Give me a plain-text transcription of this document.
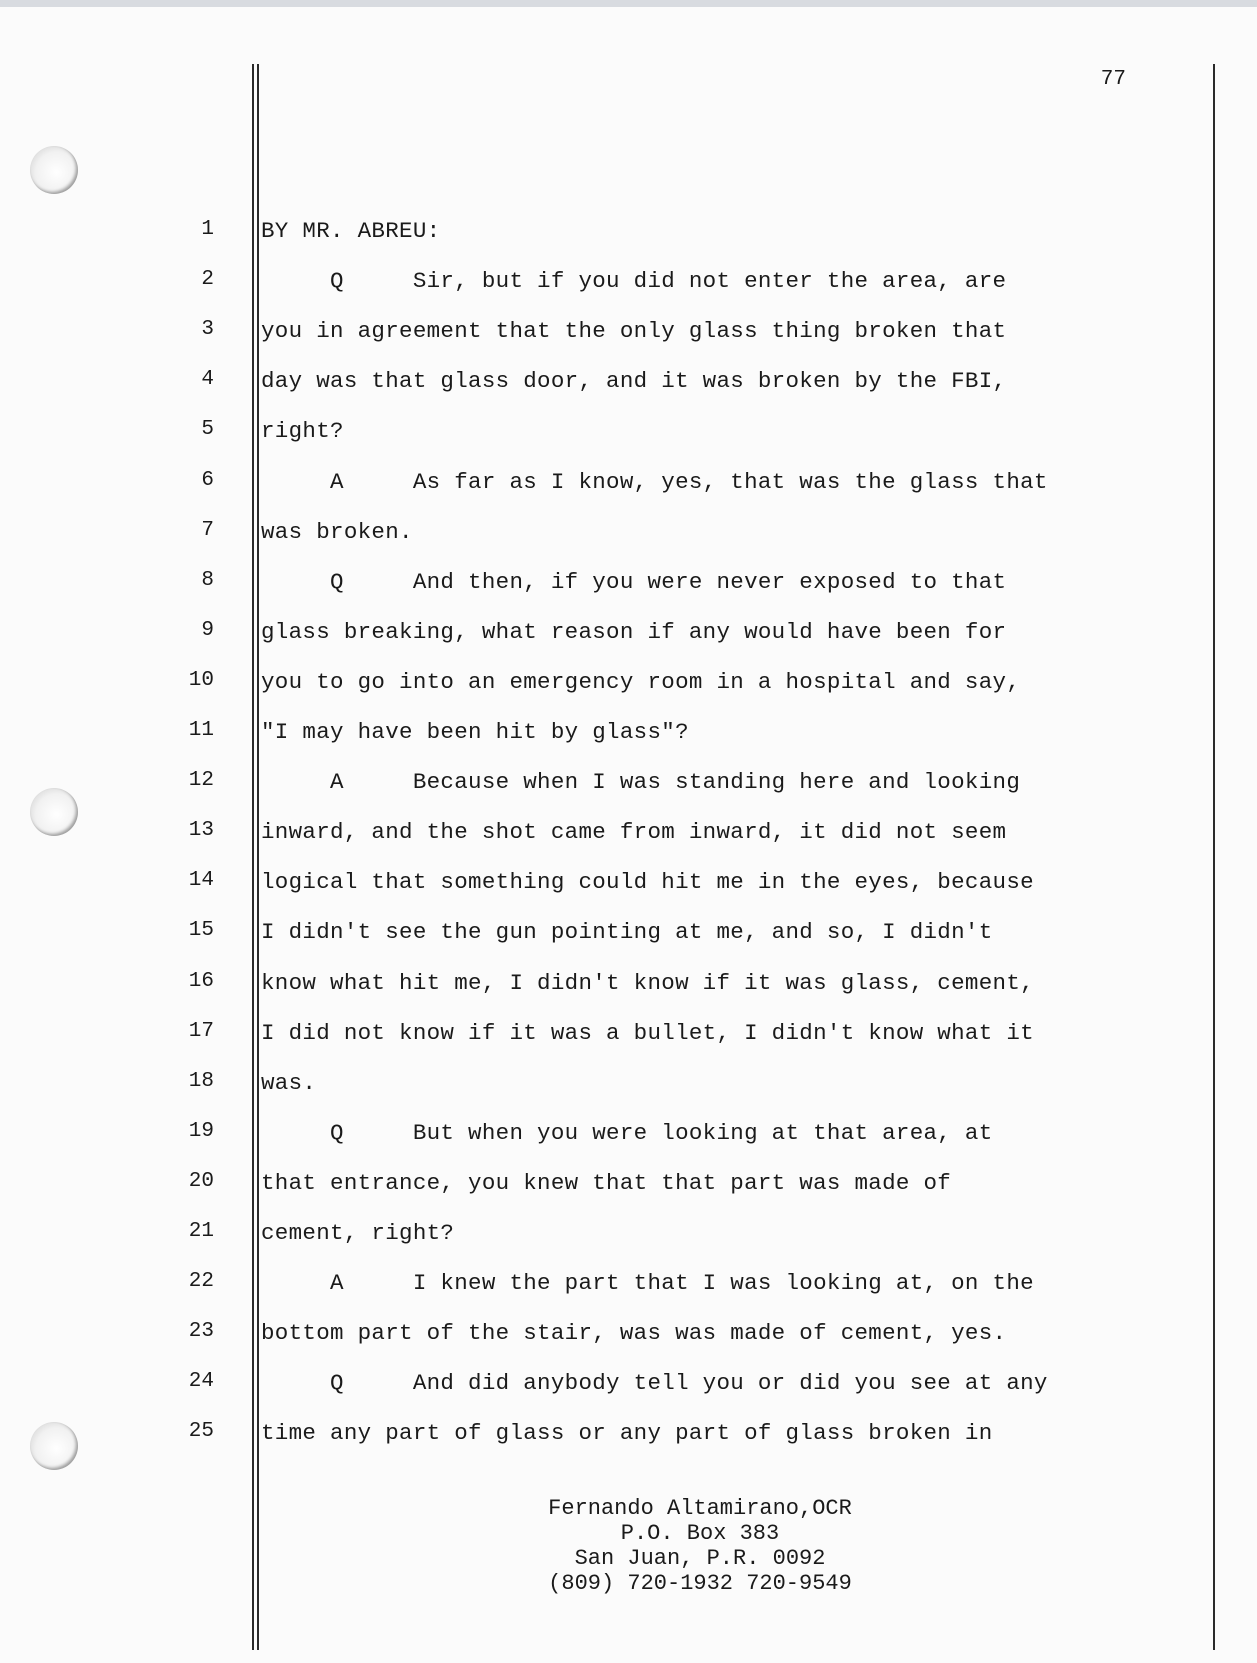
77
1 BY MR. ABREU:
2 Q     Sir, but if you did not enter the area, are
3 you in agreement that the only glass thing broken that
4 day was that glass door, and it was broken by the FBI,
5 right?
6 A     As far as I know, yes, that was the glass that
7 was broken.
8 Q     And then, if you were never exposed to that
9 glass breaking, what reason if any would have been for
10 you to go into an emergency room in a hospital and say,
11 "I may have been hit by glass"?
12 A     Because when I was standing here and looking
13 inward, and the shot came from inward, it did not seem
14 logical that something could hit me in the eyes, because
15 I didn't see the gun pointing at me, and so, I didn't
16 know what hit me, I didn't know if it was glass, cement,
17 I did not know if it was a bullet, I didn't know what it
18 was.
19 Q     But when you were looking at that area, at
20 that entrance, you knew that that part was made of
21 cement, right?
22 A     I knew the part that I was looking at, on the
23 bottom part of the stair, was was made of cement, yes.
24 Q     And did anybody tell you or did you see at any
25 time any part of glass or any part of glass broken in
Fernando Altamirano,OCR
P.O. Box 383
San Juan, P.R. 0092
(809) 720-1932 720-9549
